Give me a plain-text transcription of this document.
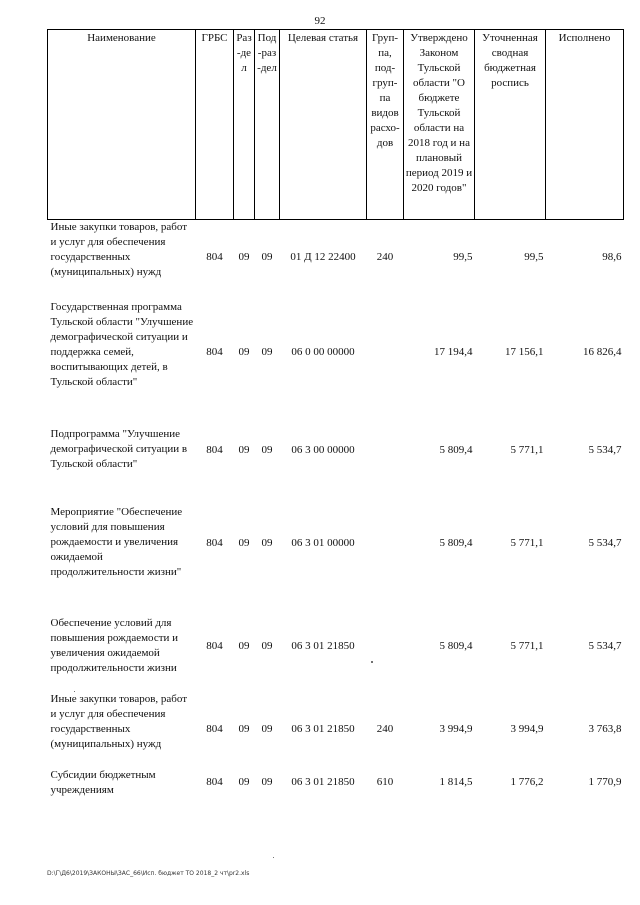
92
Наименование	ГРБС	Раз-дел	Под-раз-дел	Целевая статья	Груп-па, под-груп-па видов расхо-дов	Утверждено Законом Тульской области "О бюджете Тульской области на 2018 год и на плановый период 2019 и 2020 годов"	Уточненная сводная бюджетная роспись	Исполнено
Иные закупки товаров, работ и услуг для обеспечения государственных (муниципальных) нужд	804	09	09	01 Д 12 22400	240	99,5	99,5	98,6
Государственная программа Тульской области "Улучшение демографической ситуации и поддержка семей, воспитывающих детей, в Тульской области"	804	09	09	06 0 00 00000		17 194,4	17 156,1	16 826,4
Подпрограмма "Улучшение демографической ситуации в Тульской области"	804	09	09	06 3 00 00000		5 809,4	5 771,1	5 534,7
Мероприятие "Обеспечение условий для повышения рождаемости и увеличения ожидаемой продолжительности жизни"	804	09	09	06 3 01 00000		5 809,4	5 771,1	5 534,7
Обеспечение условий для повышения рождаемости и увеличения ожидаемой продолжительности жизни	804	09	09	06 3 01 21850		5 809,4	5 771,1	5 534,7
Иные закупки товаров, работ и услуг для обеспечения государственных (муниципальных) нужд	804	09	09	06 3 01 21850	240	3 994,9	3 994,9	3 763,8
Субсидии бюджетным учреждениям	804	09	09	06 3 01 21850	610	1 814,5	1 776,2	1 770,9
D:\Г\Д6\2019\ЗАКОНЫ\ЗАС_66\Исп. бюджет ТО 2018_2 чт\pr2.xls
